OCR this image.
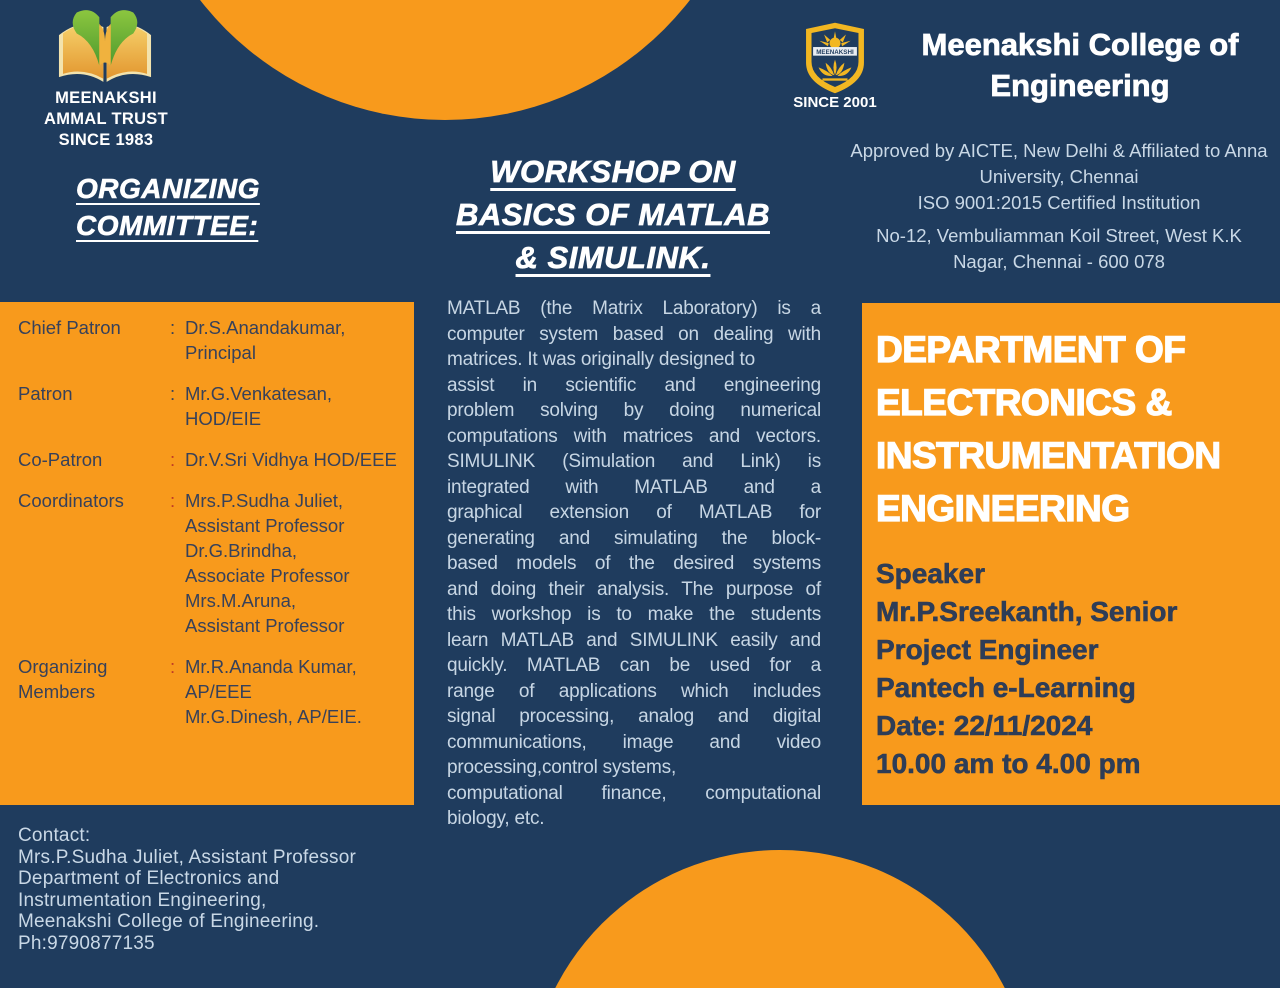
MEENAKSHI
AMMAL TRUST
SINCE 1983
ORGANIZING
COMMITTEE:
Chief Patron	: Dr.S.Anandakumar, Principal
Patron	: Mr.G.Venkatesan, HOD/EIE
Co-Patron	: Dr.V.Sri Vidhya HOD/EEE
Coordinators	: Mrs.P.Sudha Juliet,
Assistant Professor
Dr.G.Brindha,
Associate Professor
Mrs.M.Aruna,
Assistant Professor
Organizing Members
: Mr.R.Ananda Kumar, AP/EEE
Mr.G.Dinesh, AP/EIE.
Contact:
Mrs.P.Sudha Juliet, Assistant Professor
Department of Electronics and
Instrumentation Engineering,
Meenakshi College of Engineering.
Ph:9790877135
WORKSHOP ON
BASICS OF MATLAB
& SIMULINK.
MATLAB (the Matrix Laboratory) is a
computer system based on dealing with
matrices. It was originally designed to
assist in scientific and engineering
problem solving by doing numerical
computations with matrices and vectors.
SIMULINK (Simulation and Link) is
integrated with MATLAB and a
graphical extension of MATLAB for
generating and simulating the block-
based models of the desired systems
and doing their analysis. The purpose of
this workshop is to make the students
learn MATLAB and SIMULINK easily and
quickly. MATLAB can be used for a
range of applications which includes
signal processing, analog and digital
communications, image and video
processing,control systems,
computational finance, computational
biology, etc.
MEENAKSHI
SINCE 2001
Meenakshi College of
Engineering
Approved by AICTE, New Delhi & Affiliated to Anna
University, Chennai
ISO 9001:2015 Certified Institution
No-12, Vembuliamman Koil Street, West K.K
Nagar, Chennai - 600 078
DEPARTMENT OF
ELECTRONICS &
INSTRUMENTATION
ENGINEERING
Speaker
Mr.P.Sreekanth, Senior
Project Engineer
Pantech e-Learning
Date: 22/11/2024
10.00 am to 4.00 pm
